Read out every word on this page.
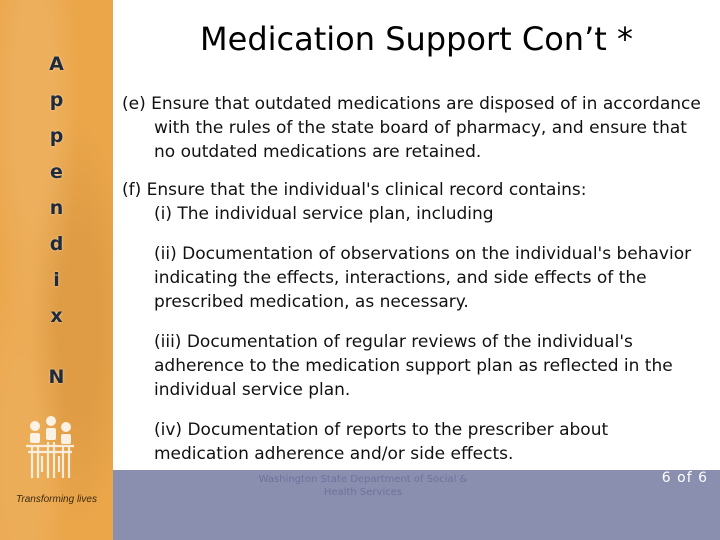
A
p
p
e
n
d
i
x
N
Transforming lives
Washington State Department of Social & Health Services
6 of 6
Medication Support Con’t *

(e) Ensure that outdated medications are disposed of in accordance with the rules of the state board of pharmacy, and ensure that no outdated medications are retained.

(f) Ensure that the individual's clinical record contains:

(i) The individual service plan, including

(ii) Documentation of observations on the individual's behavior indicating the effects, interactions, and side effects of the prescribed medication, as necessary.

(iii) Documentation of regular reviews of the individual's adherence to the medication support plan as reflected in the individual service plan.

(iv) Documentation of reports to the prescriber about medication adherence and/or side effects.
